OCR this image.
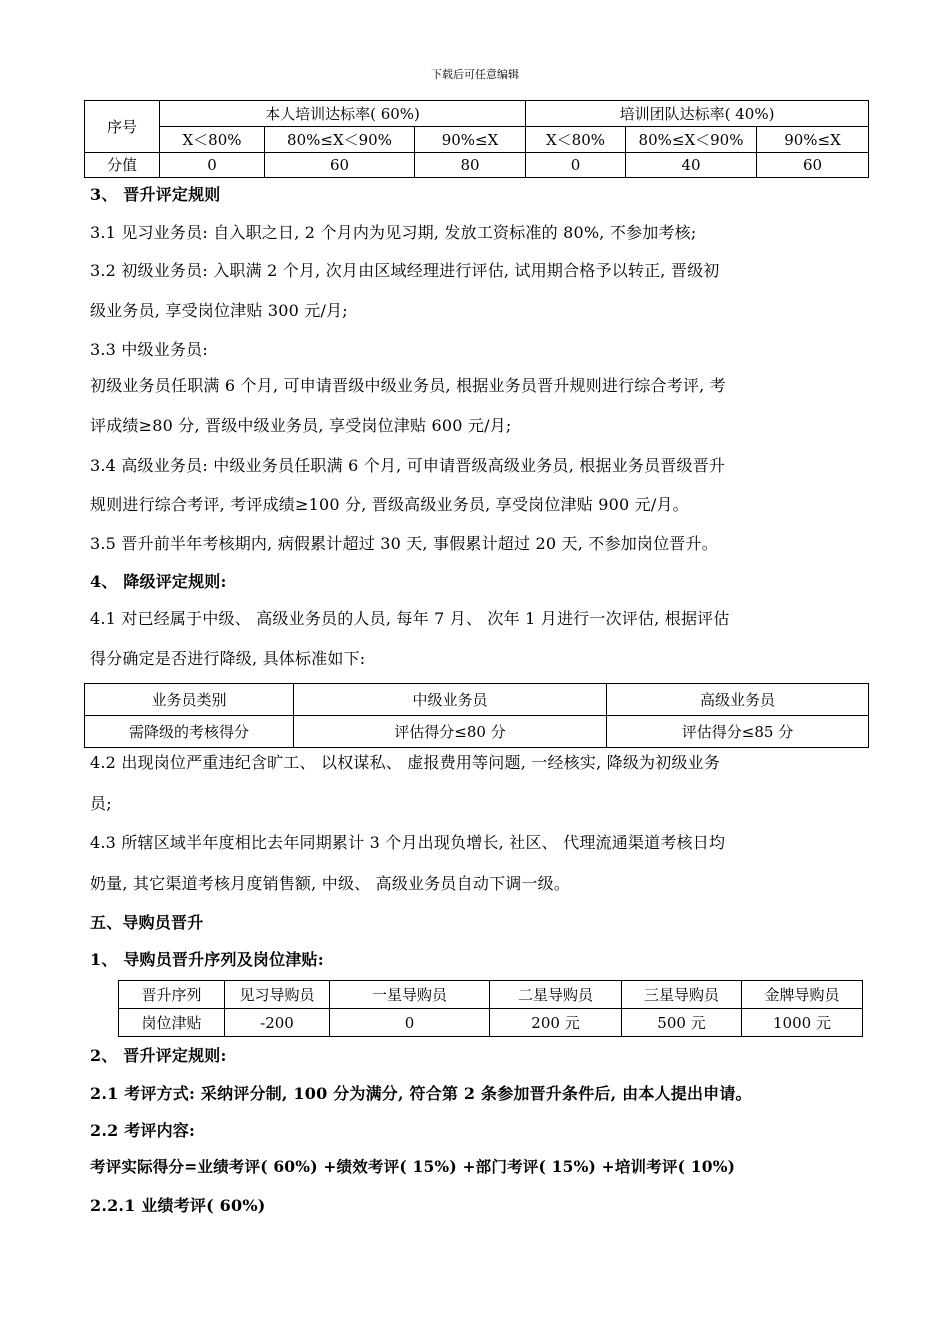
下载后可任意编辑
序号	本人培训达标率( 60%)			培训团队达标率( 40%)		
	X＜80%	80%≤X＜90%	90%≤X	X＜80%	80%≤X＜90%	90%≤X
分值	0	60	80	0	40	60
3、 晋升评定规则
3.1 见习业务员: 自入职之日, 2 个月内为见习期, 发放工资标准的 80%, 不参加考核;
3.2 初级业务员: 入职满 2 个月, 次月由区域经理进行评估, 试用期合格予以转正, 晋级初
级业务员, 享受岗位津贴 300 元/月;
3.3 中级业务员:
初级业务员任职满 6 个月, 可申请晋级中级业务员, 根据业务员晋升规则进行综合考评, 考
评成绩≥80 分, 晋级中级业务员, 享受岗位津贴 600 元/月;
3.4 高级业务员: 中级业务员任职满 6 个月, 可申请晋级高级业务员, 根据业务员晋级晋升
规则进行综合考评, 考评成绩≥100 分, 晋级高级业务员, 享受岗位津贴 900 元/月。
3.5 晋升前半年考核期内, 病假累计超过 30 天, 事假累计超过 20 天, 不参加岗位晋升。
4、 降级评定规则:
4.1 对已经属于中级、 高级业务员的人员, 每年 7 月、 次年 1 月进行一次评估, 根据评估
得分确定是否进行降级, 具体标准如下:
业务员类别	中级业务员	高级业务员
需降级的考核得分	评估得分≤80 分	评估得分≤85 分
4.2 出现岗位严重违纪含旷工、 以权谋私、 虚报费用等问题, 一经核实, 降级为初级业务
员;
4.3 所辖区域半年度相比去年同期累计 3 个月出现负增长, 社区、 代理流通渠道考核日均
奶量, 其它渠道考核月度销售额, 中级、 高级业务员自动下调一级。
五、导购员晋升
1、 导购员晋升序列及岗位津贴:
晋升序列	见习导购员	一星导购员	二星导购员	三星导购员	金牌导购员
岗位津贴	-200	0	200 元	500 元	1000 元
2、 晋升评定规则:
2.1 考评方式: 采纳评分制, 100 分为满分, 符合第 2 条参加晋升条件后, 由本人提出申请。
2.2 考评内容:
考评实际得分=业绩考评( 60%) +绩效考评( 15%) +部门考评( 15%) +培训考评( 10%)
2.2.1 业绩考评( 60%)
